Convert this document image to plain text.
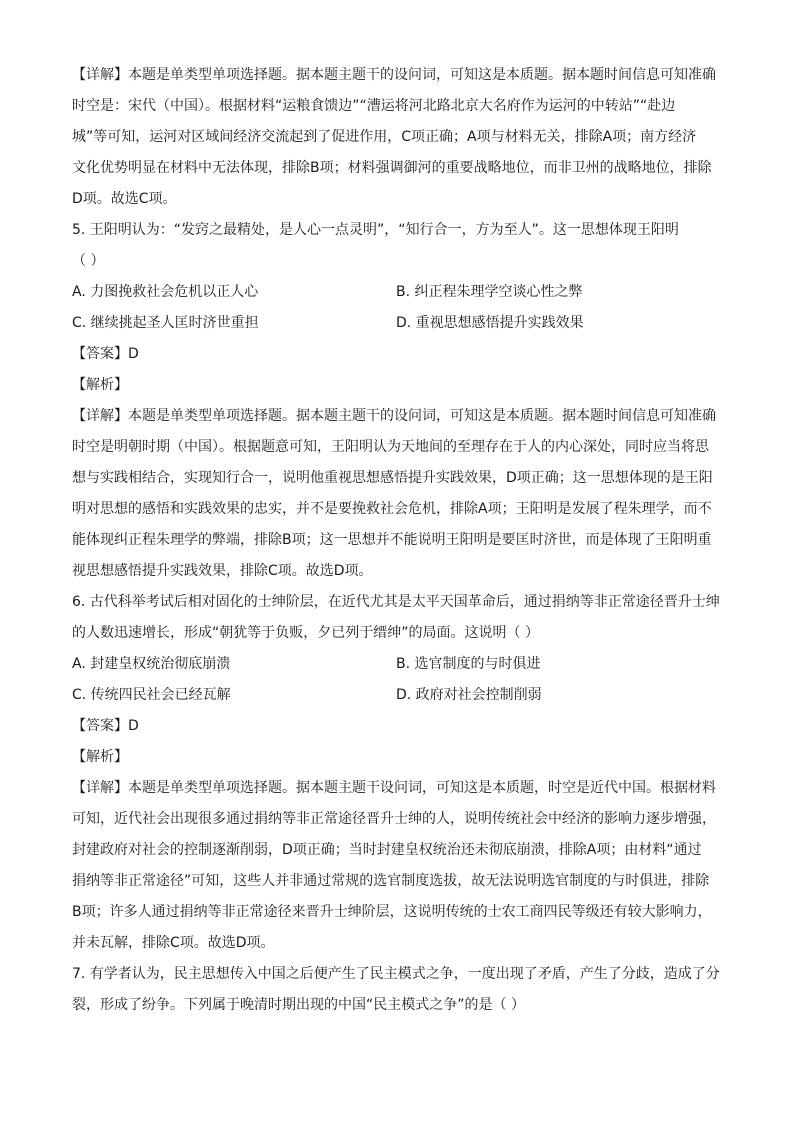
【详解】本题是单类型单项选择题。据本题主题干的设问词，可知这是本质题。据本题时间信息可知准确
时空是：宋代（中国）。根据材料“运粮食馈边”“漕运将河北路北京大名府作为运河的中转站”“赴边
城”等可知，运河对区域间经济交流起到了促进作用，C项正确；A项与材料无关，排除A项；南方经济
文化优势明显在材料中无法体现，排除B项；材料强调御河的重要战略地位，而非卫州的战略地位，排除
D项。故选C项。
5. 王阳明认为：“发窍之最精处，是人心一点灵明”，“知行合一，方为至人”。这一思想体现王阳明
（ ）
A. 力图挽救社会危机以正人心	B. 纠正程朱理学空谈心性之弊
C. 继续挑起圣人匡时济世重担	D. 重视思想感悟提升实践效果
【答案】D
【解析】
【详解】本题是单类型单项选择题。据本题主题干的设问词，可知这是本质题。据本题时间信息可知准确
时空是明朝时期（中国）。根据题意可知，王阳明认为天地间的至理存在于人的内心深处，同时应当将思
想与实践相结合，实现知行合一，说明他重视思想感悟提升实践效果，D项正确；这一思想体现的是王阳
明对思想的感悟和实践效果的忠实，并不是要挽救社会危机，排除A项；王阳明是发展了程朱理学，而不
能体现纠正程朱理学的弊端，排除B项；这一思想并不能说明王阳明是要匡时济世，而是体现了王阳明重
视思想感悟提升实践效果，排除C项。故选D项。
6. 古代科举考试后相对固化的士绅阶层，在近代尤其是太平天国革命后，通过捐纳等非正常途径晋升士绅
的人数迅速增长，形成“朝犹等于负贩，夕已列于缙绅”的局面。这说明（ ）
A. 封建皇权统治彻底崩溃	B. 选官制度的与时俱进
C. 传统四民社会已经瓦解	D. 政府对社会控制削弱
【答案】D
【解析】
【详解】本题是单类型单项选择题。据本题主题干设问词，可知这是本质题，时空是近代中国。根据材料
可知，近代社会出现很多通过捐纳等非正常途径晋升士绅的人，说明传统社会中经济的影响力逐步增强，
封建政府对社会的控制逐渐削弱，D项正确；当时封建皇权统治还未彻底崩溃，排除A项；由材料“通过
捐纳等非正常途径”可知，这些人并非通过常规的选官制度选拔，故无法说明选官制度的与时俱进，排除
B项；许多人通过捐纳等非正常途径来晋升士绅阶层，这说明传统的士农工商四民等级还有较大影响力，
并未瓦解，排除C项。故选D项。
7. 有学者认为，民主思想传入中国之后便产生了民主模式之争，一度出现了矛盾，产生了分歧，造成了分
裂，形成了纷争。下列属于晚清时期出现的中国“民主模式之争”的是（ ）
